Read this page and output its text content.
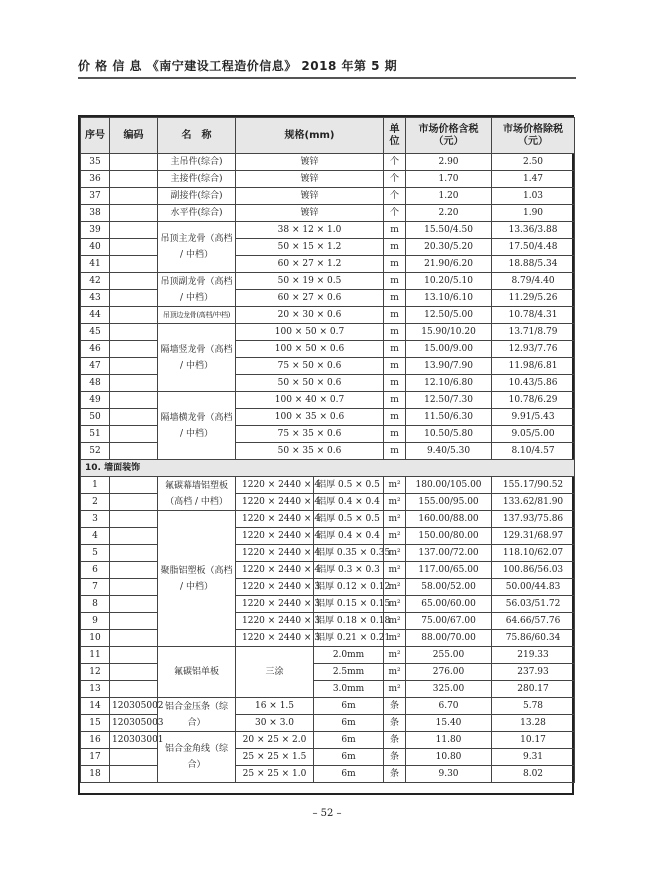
价 格 信 息 《南宁建设工程造价信息》 2018 年第 5 期
序号	编码	名　称	规格(mm)		单位	市场价格含税（元）	市场价格除税（元）
35		主吊件(综合)	镀锌		个	2.90	2.50
36		主接件(综合)	镀锌		个	1.70	1.47
37		副接件(综合)	镀锌		个	1.20	1.03
38		水平件(综合)	镀锌		个	2.20	1.90
39		吊顶主龙骨（高档 / 中档）	38 × 12 × 1.0		m	15.50/4.50	13.36/3.88
40			50 × 15 × 1.2		m	20.30/5.20	17.50/4.48
41			60 × 27 × 1.2		m	21.90/6.20	18.88/5.34
42		吊顶副龙骨（高档 / 中档）	50 × 19 × 0.5		m	10.20/5.10	8.79/4.40
43			60 × 27 × 0.6		m	13.10/6.10	11.29/5.26
44		吊顶边龙骨(高档/中档)	20 × 30 × 0.6		m	12.50/5.00	10.78/4.31
45		隔墙竖龙骨（高档 / 中档）	100 × 50 × 0.7		m	15.90/10.20	13.71/8.79
46			100 × 50 × 0.6		m	15.00/9.00	12.93/7.76
47			75 × 50 × 0.6		m	13.90/7.90	11.98/6.81
48			50 × 50 × 0.6		m	12.10/6.80	10.43/5.86
49		隔墙横龙骨（高档 / 中档）	100 × 40 × 0.7		m	12.50/7.30	10.78/6.29
50			100 × 35 × 0.6		m	11.50/6.30	9.91/5.43
51			75 × 35 × 0.6		m	10.50/5.80	9.05/5.00
52			50 × 35 × 0.6		m	9.40/5.30	8.10/4.57
10. 墙面装饰							
1		氟碳幕墙铝塑板（高档 / 中档）	1220 × 2440 × 4	铝厚 0.5 × 0.5	m²	180.00/105.00	155.17/90.52
2			1220 × 2440 × 4	铝厚 0.4 × 0.4	m²	155.00/95.00	133.62/81.90
3		聚脂铝塑板（高档 / 中档）	1220 × 2440 × 4	铝厚 0.5 × 0.5	m²	160.00/88.00	137.93/75.86
4			1220 × 2440 × 4	铝厚 0.4 × 0.4	m²	150.00/80.00	129.31/68.97
5			1220 × 2440 × 4	铝厚 0.35 × 0.35	m²	137.00/72.00	118.10/62.07
6			1220 × 2440 × 4	铝厚 0.3 × 0.3	m²	117.00/65.00	100.86/56.03
7			1220 × 2440 × 3	铝厚 0.12 × 0.12	m²	58.00/52.00	50.00/44.83
8			1220 × 2440 × 3	铝厚 0.15 × 0.15	m²	65.00/60.00	56.03/51.72
9			1220 × 2440 × 3	铝厚 0.18 × 0.18	m²	75.00/67.00	64.66/57.76
10			1220 × 2440 × 3	铝厚 0.21 × 0.21	m²	88.00/70.00	75.86/60.34
11		氟碳铝单板	三涂	2.0mm	m²	255.00	219.33
12				2.5mm	m²	276.00	237.93
13				3.0mm	m²	325.00	280.17
14	120305002	铝合金压条（综合）	16 × 1.5	6m	条	6.70	5.78
15	120305003		30 × 3.0	6m	条	15.40	13.28
16	120303001	铝合金角线（综合）	20 × 25 × 2.0	6m	条	11.80	10.17
17			25 × 25 × 1.5	6m	条	10.80	9.31
18			25 × 25 × 1.0	6m	条	9.30	8.02
– 52 –
